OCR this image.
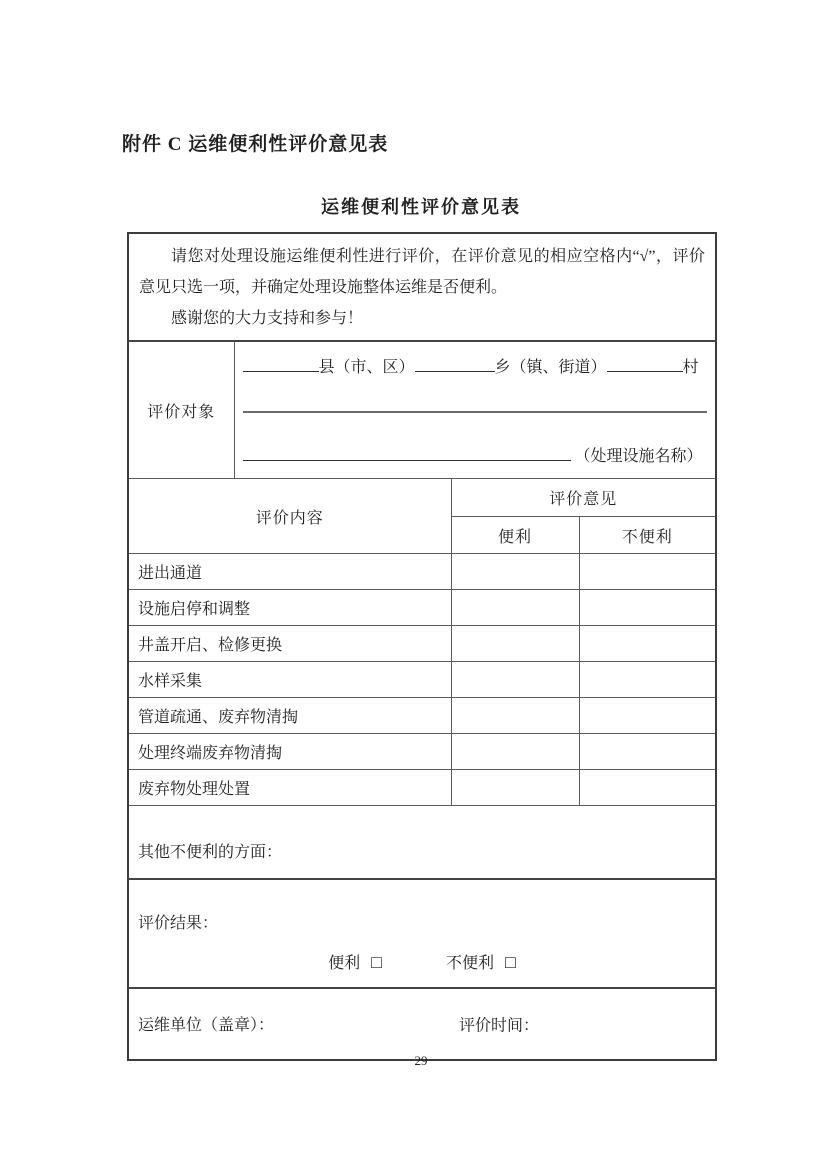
附件 C 运维便利性评价意见表
运维便利性评价意见表

请您对处理设施运维便利性进行评价，在评价意见的相应空格内“√”，评价意见只选一项，并确定处理设施整体运维是否便利。

感谢您的大力支持和参与！			

评价对象	县（市、区） 乡（镇、街道） 村
（处理设施名称）		

评价内容		评价意见	
		便利	不便利
进出通道			
设施启停和调整			
井盖开启、检修更换			
水样采集			
管道疏通、废弃物清掏			
处理终端废弃物清掏			
废弃物处理处置			
其他不便利的方面：			

评价结果：
便利 □ 不便利 □			

运维单位（盖章）： 评价时间：			
29
